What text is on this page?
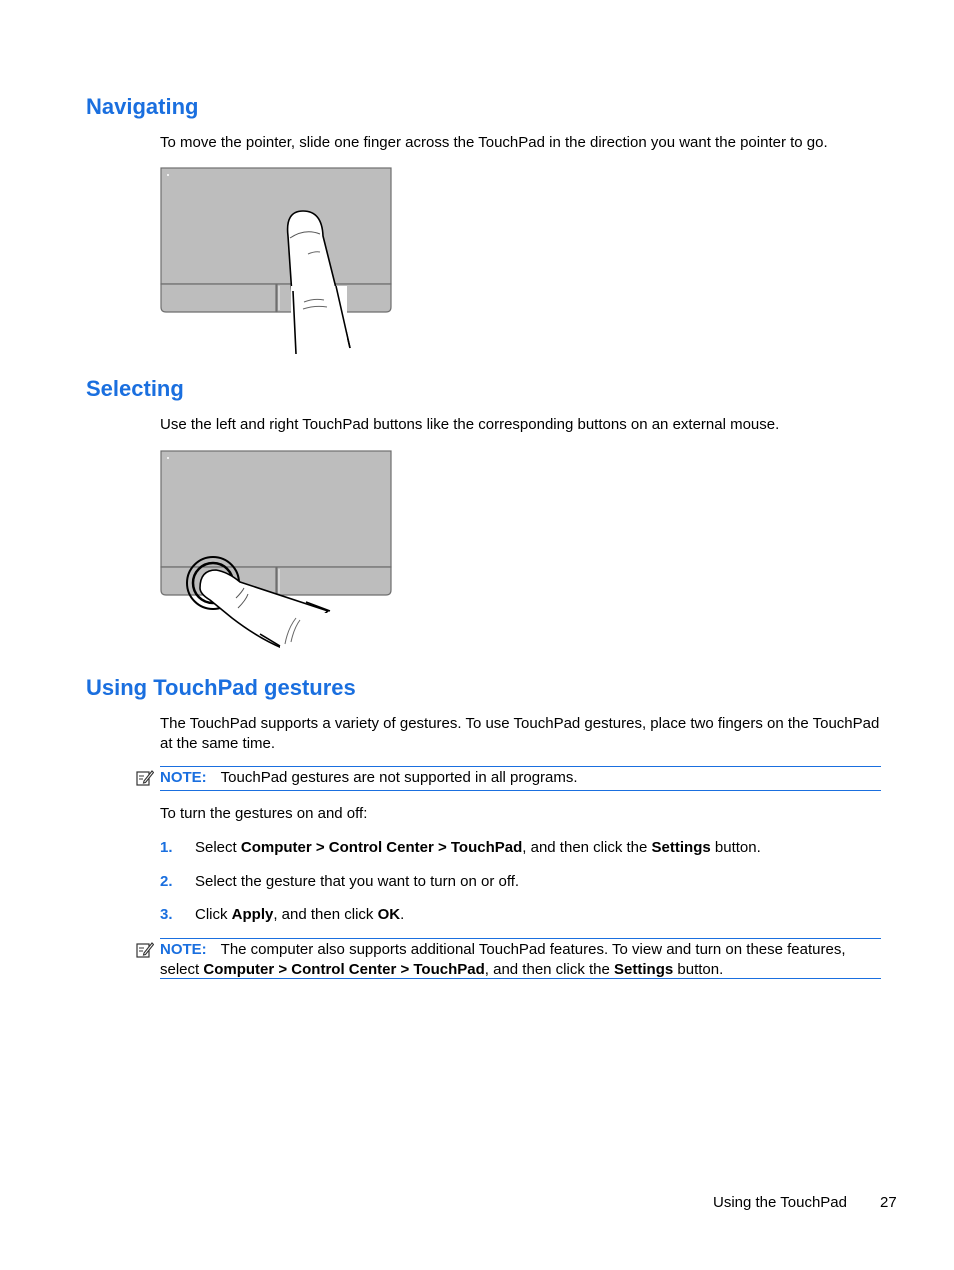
Navigating

To move the pointer, slide one finger across the TouchPad in the direction you want the pointer to go.

Selecting

Use the left and right TouchPad buttons like the corresponding buttons on an external mouse.

Using TouchPad gestures

The TouchPad supports a variety of gestures. To use TouchPad gestures, place two fingers on the TouchPad at the same time.

NOTE: TouchPad gestures are not supported in all programs.

To turn the gestures on and off:

1. Select Computer > Control Center > TouchPad, and then click the Settings button.
2. Select the gesture that you want to turn on or off.
3. Click Apply, and then click OK.
NOTE: The computer also supports additional TouchPad features. To view and turn on these features, select Computer > Control Center > TouchPad, and then click the Settings button.
Using the TouchPad 27
